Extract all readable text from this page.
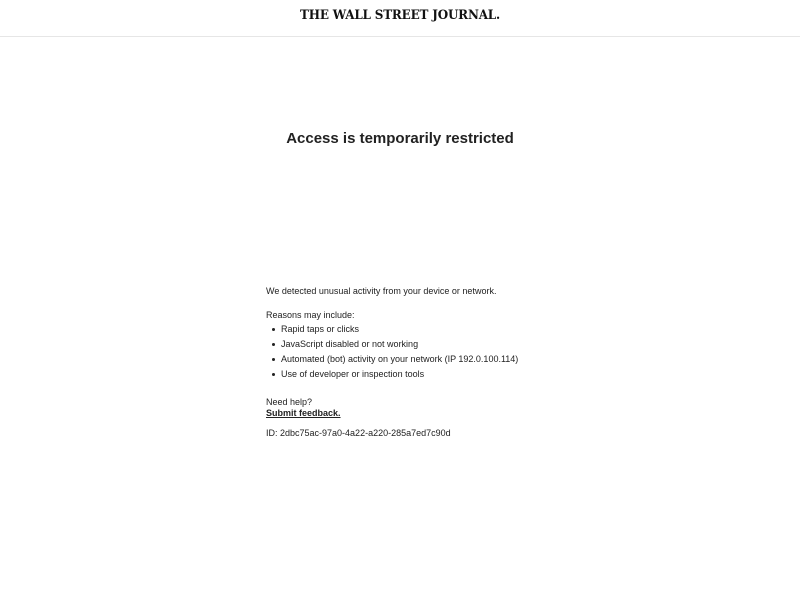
THE WALL STREET JOURNAL.
Access is temporarily restricted

We detected unusual activity from your device or network.

Reasons may include:

Rapid taps or clicks
JavaScript disabled or not working
Automated (bot) activity on your network (IP 192.0.100.114)
Use of developer or inspection tools

Need help?

Submit feedback.

ID: 2dbc75ac-97a0-4a22-a220-285a7ed7c90d
